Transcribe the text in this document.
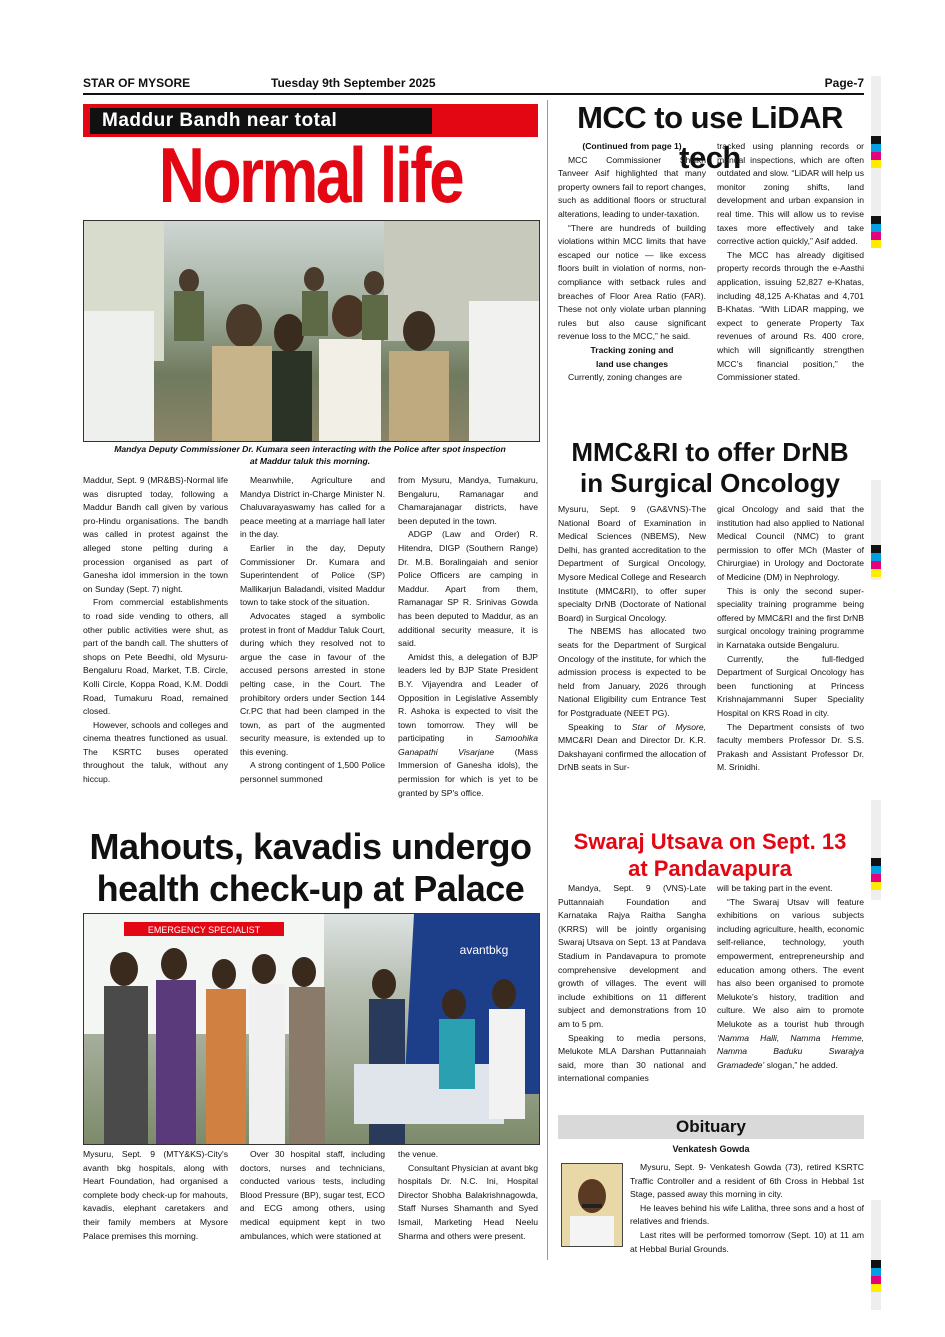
STAR OF MYSORE	Tuesday 9th September 2025	Page-7
Maddur Bandh near total
Normal life
Mandya Deputy Commissioner Dr. Kumara seen interacting with the Police after spot inspection at Maddur taluk this morning.

Maddur, Sept. 9 (MR&BS)-Normal life was disrupted today, following a Maddur Bandh call given by various pro-Hindu organisations. The bandh was called in protest against the alleged stone pelting during a procession organised as part of Ganesha idol immersion in the town on Sunday (Sept. 7) night.

From commercial establishments to road side vending to others, all other public activities were shut, as part of the bandh call. The shutters of shops on Pete Beedhi, old Mysuru-Bengaluru Road, Market, T.B. Circle, Kolli Circle, Koppa Road, K.M. Doddi Road, Tumakuru Road, remained closed.

However, schools and colleges and cinema theatres functioned as usual. The KSRTC buses operated throughout the taluk, without any hiccup.

Meanwhile, Agriculture and Mandya District in-Charge Minister N. Chaluvarayaswamy has called for a peace meeting at a marriage hall later in the day.

Earlier in the day, Deputy Commissioner Dr. Kumara and Superintendent of Police (SP) Mallikarjun Baladandi, visited Maddur town to take stock of the situation.

Advocates staged a symbolic protest in front of Maddur Taluk Court, during which they resolved not to argue the case in favour of the accused persons arrested in stone pelting case, in the Court. The prohibitory orders under Section 144 Cr.PC that had been clamped in the town, as part of the augmented security measure, is extended up to this evening.

A strong contingent of 1,500 Police personnel summoned

from Mysuru, Mandya, Tumakuru, Bengaluru, Ramanagar and Chamarajanagar districts, have been deputed in the town.

ADGP (Law and Order) R. Hitendra, DIGP (Southern Range) Dr. M.B. Boralingaiah and senior Police Officers are camping in Maddur. Apart from them, Ramanagar SP R. Srinivas Gowda has been deputed to Maddur, as an additional security measure, it is said.

Amidst this, a delegation of BJP leaders led by BJP State President B.Y. Vijayendra and Leader of Opposition in Legislative Assembly R. Ashoka is expected to visit the town tomorrow. They will be participating in Samoohika Ganapathi Visarjane (Mass Immersion of Ganesha idols), the permission for which is yet to be granted by SP's office.

Mahouts, kavadis undergo
health check-up at Palace
EMERGENCY SPECIALIST
avantbkg

Mysuru, Sept. 9 (MTY&KS)-City's avanth bkg hospitals, along with Heart Foundation, had organised a complete body check-up for mahouts, kavadis, elephant caretakers and their family members at Mysore Palace premises this morning.

Over 30 hospital staff, including doctors, nurses and technicians, conducted various tests, including Blood Pressure (BP), sugar test, ECO and ECG among others, using medical equipment kept in two ambulances, which were stationed at

the venue.

Consultant Physician at avant bkg hospitals Dr. N.C. Ini, Hospital Director Shobha Balakrishnagowda, Staff Nurses Shamanth and Syed Ismail, Marketing Head Neelu Sharma and others were present.

MCC to use LiDAR tech

(Continued from page 1)

MCC Commissioner Shaikh Tanveer Asif highlighted that many property owners fail to report changes, such as additional floors or structural alterations, leading to under-taxation.

“There are hundreds of building violations within MCC limits that have escaped our notice — like excess floors built in violation of norms, non-compliance with setback rules and breaches of Floor Area Ratio (FAR). These not only violate urban planning rules but also cause significant revenue loss to the MCC,” he said.

Tracking zoning and

land use changes

Currently, zoning changes are

tracked using planning records or manual inspections, which are often outdated and slow. “LiDAR will help us monitor zoning shifts, land development and urban expansion in real time. This will allow us to revise taxes more effectively and take corrective action quickly,” Asif added.

The MCC has already digitised property records through the e-Aasthi application, issuing 52,827 e-Khatas, including 48,125 A-Khatas and 4,701 B-Khatas. “With LiDAR mapping, we expect to generate Property Tax revenues of around Rs. 400 crore, which will significantly strengthen MCC’s financial position,” the Commissioner stated.

MMC&RI to offer DrNB
in Surgical Oncology

Mysuru, Sept. 9 (GA&VNS)-The National Board of Examination in Medical Sciences (NBEMS), New Delhi, has granted accreditation to the Department of Surgical Oncology, Mysore Medical College and Research Institute (MMC&RI), to offer super specialty DrNB (Doctorate of National Board) in Surgical Oncology.

The NBEMS has allocated two seats for the Department of Surgical Oncology of the institute, for which the admission process is expected to be held from January, 2026 through National Eligibility cum Entrance Test for Postgraduate (NEET PG).

Speaking to Star of Mysore, MMC&RI Dean and Director Dr. K.R. Dakshayani confirmed the allocation of DrNB seats in Sur-

gical Oncology and said that the institution had also applied to National Medical Council (NMC) to grant permission to offer MCh (Master of Chirurgiae) in Urology and Doctorate of Medicine (DM) in Nephrology.

This is only the second super-speciality training programme being offered by MMC&RI and the first DrNB surgical oncology training programme in Karnataka outside Bengaluru.

Currently, the full-fledged Department of Surgical Oncology has been functioning at Princess Krishnajammanni Super Speciality Hospital on KRS Road in city.

The Department consists of two faculty members Professor Dr. S.S. Prakash and Assistant Professor Dr. M. Srinidhi.

Swaraj Utsava on Sept. 13
at Pandavapura

Mandya, Sept. 9 (VNS)-Late Puttannaiah Foundation and Karnataka Rajya Raitha Sangha (KRRS) will be jointly organising Swaraj Utsava on Sept. 13 at Pandava Stadium in Pandavapura to promote comprehensive development and growth of villages. The event will include exhibitions on 11 different subject and demonstrations from 10 am to 5 pm.

Speaking to media persons, Melukote MLA Darshan Puttannaiah said, more than 30 national and international companies

will be taking part in the event.

“The Swaraj Utsav will feature exhibitions on various subjects including agriculture, health, economic self-reliance, technology, youth empowerment, entrepreneurship and education among others. The event has also been organised to promote Melukote’s history, tradition and culture. We also aim to promote Melukote as a tourist hub through ‘Namma Halli, Namma Hemme, Namma Baduku Swarajya Gramadede’ slogan,” he added.

Obituary
Venkatesh Gowda

Mysuru, Sept. 9- Venkatesh Gowda (73), retired KSRTC Traffic Controller and a resident of 6th Cross in Hebbal 1st Stage, passed away this morning in city.

He leaves behind his wife Lalitha, three sons and a host of relatives and friends.

Last rites will be performed tomorrow (Sept. 10) at 11 am at Hebbal Burial Grounds.
